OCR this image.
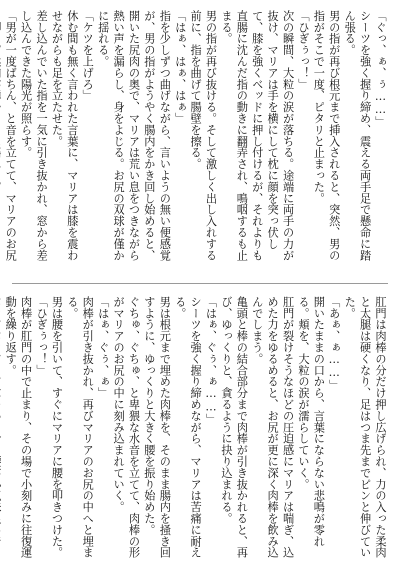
「ぐっ、ぁ、ぅ……」

シーツを強く握り締め、震える両手足で懸命に踏ん張る。

男の指が再び根元まで挿入されると、突然、男の指がそこで一度、ピタリと止まった。

「ひぎぅっ！」

次の瞬間、大粒の涙が落ちる。途端に両手の力が抜け、マリアは手を横にして枕に顔を突っ伏して、膝を強くベッドに押し付けるが、それよりも直腸に沈んだ指の動きに翻弄され、鳴咽するも止まる。

男の指が再び抜ける。そして激しく出し入れする前に、指を曲げて腸壁を擦る。

「はぁ、はぁ、はぁ」

指を少しずつ曲げながら、言いようの無い便感覚が、男の指がようやく腸内をかき回し始めると、開いた尻肉の奥で、マリアは荒い息をつきながら熱い声を漏らし、身をよじる。お尻の双球が僅かに揺れる。

「ケツを上げろ」

休む間も無く言われた言葉に、マリアは膝を震わせながらも足を立たせた。

差し込んでいた指を一気に引き抜かれ、窓から差し込んできた陽光が照らす。

「男が一度ばちん、と音を立てて、マリアのお尻

肛門は肉棒の分だけ押し広げられ、力の入った柔肉と太腿は硬くなり、足はつま先までピンと伸びていた。

「あぁ、ぁ……」

開いたままの口から、言葉にならない悲鳴が零れる。頬を、大粒の涙が濡らしていく。

肛門が裂けそうなほどの圧迫感にマリアは喘ぎ、込めた力をゆるめると、お尻が更に深く肉棒を飲み込んでしまう。

亀頭と棒の結合部分まで肉棒が引き抜かれると、再び、ゆっくりと、貪るように抉り込まれる。

「はぁ、ぐぅ、ぁ……」

シーツを強く握り締めながら、マリアは苦痛に耐える。

男は根元まで埋めた肉棒を、そのまま腸内を掻き回すように、ゆっくりと大きく腰を振り始めた。

ぐちゅ、ぐちゅ、と卑猥な水音を立てて、肉棒の形がマリアのお尻の中に刻み込まれていく。

「はぁ、ぐぅ、ぁ」

肉棒が引き抜かれ、再びマリアのお尻の中へと埋まる。

男は腰を引いて、すぐにマリアに腰を叩きつけた。

「ひぎぅっ！」

肉棒が肛門の中で止まり、その場で小刻みに往復運動を繰り返す。
